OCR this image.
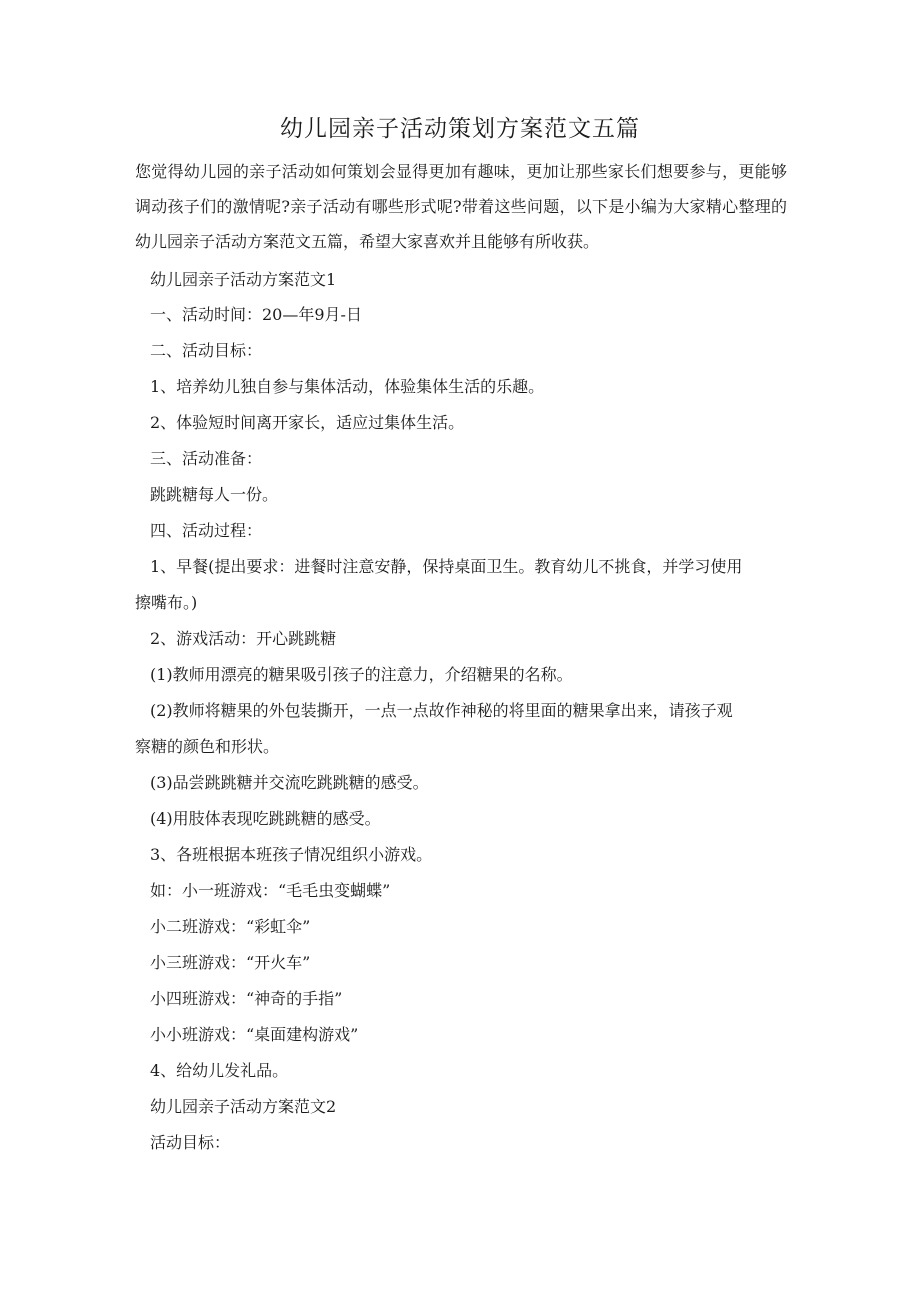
幼儿园亲子活动策划方案范文五篇

您觉得幼儿园的亲子活动如何策划会显得更加有趣味，更加让那些家长们想要参与，更能够调动孩子们的激情呢?亲子活动有哪些形式呢?带着这些问题，以下是小编为大家精心整理的幼儿园亲子活动方案范文五篇，希望大家喜欢并且能够有所收获。

幼儿园亲子活动方案范文1

一、活动时间：20—年9月-日

二、活动目标：

1、培养幼儿独自参与集体活动，体验集体生活的乐趣。

2、体验短时间离开家长，适应过集体生活。

三、活动准备：

跳跳糖每人一份。

四、活动过程：

1、早餐(提出要求：进餐时注意安静，保持桌面卫生。教育幼儿不挑食，并学习使用

擦嘴布。)

2、游戏活动：开心跳跳糖

(1)教师用漂亮的糖果吸引孩子的注意力，介绍糖果的名称。

(2)教师将糖果的外包装撕开，一点一点故作神秘的将里面的糖果拿出来，请孩子观

察糖的颜色和形状。

(3)品尝跳跳糖并交流吃跳跳糖的感受。

(4)用肢体表现吃跳跳糖的感受。

3、各班根据本班孩子情况组织小游戏。

如：小一班游戏：“毛毛虫变蝴蝶”

小二班游戏：“彩虹伞”

小三班游戏：“开火车”

小四班游戏：“神奇的手指”

小小班游戏：“桌面建构游戏”

4、给幼儿发礼品。

幼儿园亲子活动方案范文2

活动目标：
